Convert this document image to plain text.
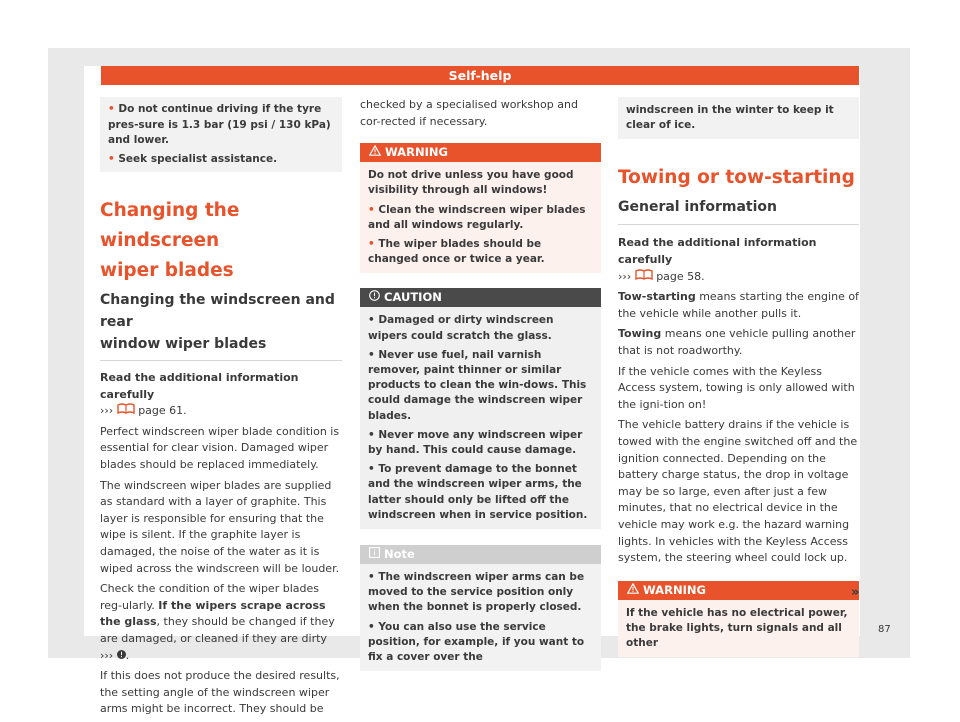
Self-help

• Do not continue driving if the tyre pres-sure is 1.3 bar (19 psi / 130 kPa) and lower.

• Seek specialist assistance.

Changing the windscreen
wiper blades
Changing the windscreen and rear
window wiper blades

Read the additional information carefully

››› page 61.

Perfect windscreen wiper blade condition is essential for clear vision. Damaged wiper blades should be replaced immediately.

The windscreen wiper blades are supplied as standard with a layer of graphite. This layer is responsible for ensuring that the wipe is silent. If the graphite layer is damaged, the noise of the water as it is wiped across the windscreen will be louder.

Check the condition of the wiper blades reg-ularly. If the wipers scrape across the glass, they should be changed if they are damaged, or cleaned if they are dirty ››› .

If this does not produce the desired results, the setting angle of the windscreen wiper arms might be incorrect. They should be

checked by a specialised workshop and cor-rected if necessary.

WARNING

Do not drive unless you have good visibility through all windows!

• Clean the windscreen wiper blades and all windows regularly.

• The wiper blades should be changed once or twice a year.

CAUTION

• Damaged or dirty windscreen wipers could scratch the glass.

• Never use fuel, nail varnish remover, paint thinner or similar products to clean the win-dows. This could damage the windscreen wiper blades.

• Never move any windscreen wiper by hand. This could cause damage.

• To prevent damage to the bonnet and the windscreen wiper arms, the latter should only be lifted off the windscreen when in service position.

Note

• The windscreen wiper arms can be moved to the service position only when the bonnet is properly closed.

• You can also use the service position, for example, if you want to fix a cover over the

windscreen in the winter to keep it clear of ice.

Towing or tow-starting
General information

Read the additional information carefully

››› page 58.

Tow-starting means starting the engine of the vehicle while another pulls it.

Towing means one vehicle pulling another that is not roadworthy.

If the vehicle comes with the Keyless Access system, towing is only allowed with the igni-tion on!

The vehicle battery drains if the vehicle is towed with the engine switched off and the ignition connected. Depending on the battery charge status, the drop in voltage may be so large, even after just a few minutes, that no electrical device in the vehicle may work e.g. the hazard warning lights. In vehicles with the Keyless Access system, the steering wheel could lock up.

WARNING

If the vehicle has no electrical power, the brake lights, turn signals and all other

»
87
